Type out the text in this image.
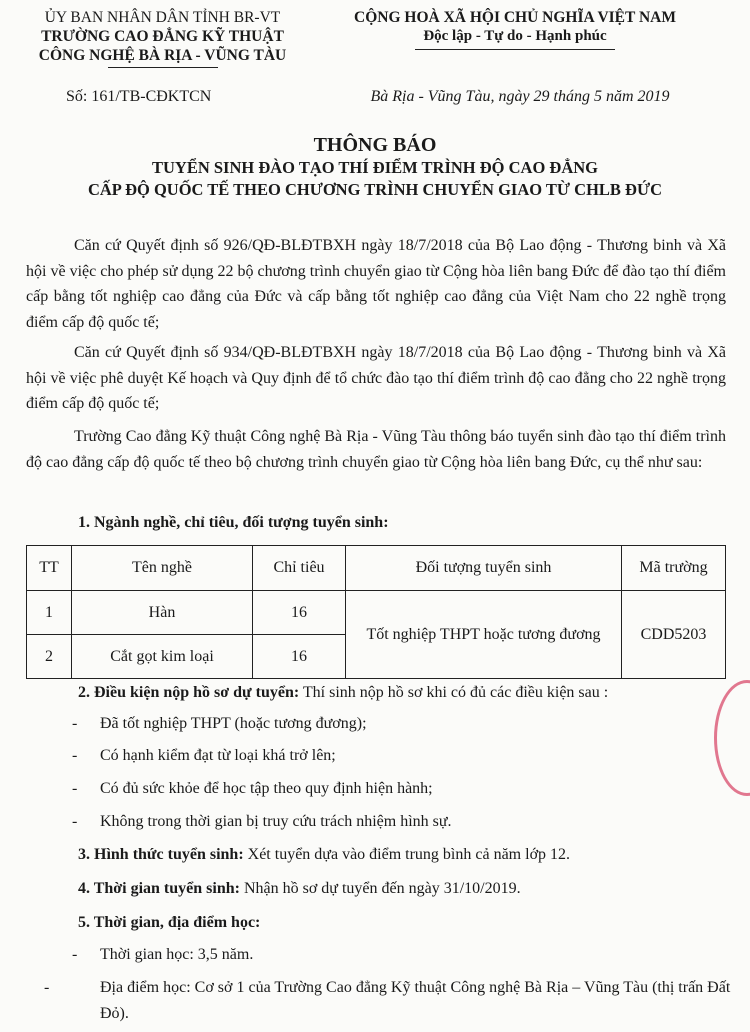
ỦY BAN NHÂN DÂN TỈNH BR-VT
TRƯỜNG CAO ĐẲNG KỸ THUẬT
CÔNG NGHỆ BÀ RỊA - VŨNG TÀU
CỘNG HOÀ XÃ HỘI CHỦ NGHĨA VIỆT NAM
Độc lập - Tự do - Hạnh phúc
Số: 161/TB-CĐKTCN	Bà Rịa - Vũng Tàu, ngày 29 tháng 5 năm 2019
THÔNG BÁO
TUYỂN SINH ĐÀO TẠO THÍ ĐIỂM TRÌNH ĐỘ CAO ĐẲNG
CẤP ĐỘ QUỐC TẾ THEO CHƯƠNG TRÌNH CHUYỂN GIAO TỪ CHLB ĐỨC
Căn cứ Quyết định số 926/QĐ-BLĐTBXH ngày 18/7/2018 của Bộ Lao động - Thương binh và Xã hội về việc cho phép sử dụng 22 bộ chương trình chuyển giao từ Cộng hòa liên bang Đức để đào tạo thí điểm cấp bằng tốt nghiệp cao đẳng của Đức và cấp bằng tốt nghiệp cao đẳng của Việt Nam cho 22 nghề trọng điểm cấp độ quốc tế;
Căn cứ Quyết định số 934/QĐ-BLĐTBXH ngày 18/7/2018 của Bộ Lao động - Thương binh và Xã hội về việc phê duyệt Kế hoạch và Quy định để tổ chức đào tạo thí điểm trình độ cao đẳng cho 22 nghề trọng điểm cấp độ quốc tế;
Trường Cao đẳng Kỹ thuật Công nghệ Bà Rịa - Vũng Tàu thông báo tuyển sinh đào tạo thí điểm trình độ cao đẳng cấp độ quốc tế theo bộ chương trình chuyển giao từ Cộng hòa liên bang Đức, cụ thể như sau:
1. Ngành nghề, chỉ tiêu, đối tượng tuyển sinh:
TT	Tên nghề	Chỉ tiêu	Đối tượng tuyển sinh	Mã trường
1	Hàn	16	Tốt nghiệp THPT hoặc tương đương	CDD5203
2	Cắt gọt kim loại	16		
2. Điều kiện nộp hồ sơ dự tuyển: Thí sinh nộp hồ sơ khi có đủ các điều kiện sau :
- Đã tốt nghiệp THPT (hoặc tương đương);
- Có hạnh kiểm đạt từ loại khá trở lên;
- Có đủ sức khỏe để học tập theo quy định hiện hành;
- Không trong thời gian bị truy cứu trách nhiệm hình sự.
3. Hình thức tuyển sinh: Xét tuyển dựa vào điểm trung bình cả năm lớp 12.
4. Thời gian tuyển sinh: Nhận hồ sơ dự tuyển đến ngày 31/10/2019.
5. Thời gian, địa điểm học:
- Thời gian học: 3,5 năm.
-	Địa điểm học: Cơ sở 1 của Trường Cao đẳng Kỹ thuật Công nghệ Bà Rịa – Vũng Tàu (thị trấn Đất Đỏ).
